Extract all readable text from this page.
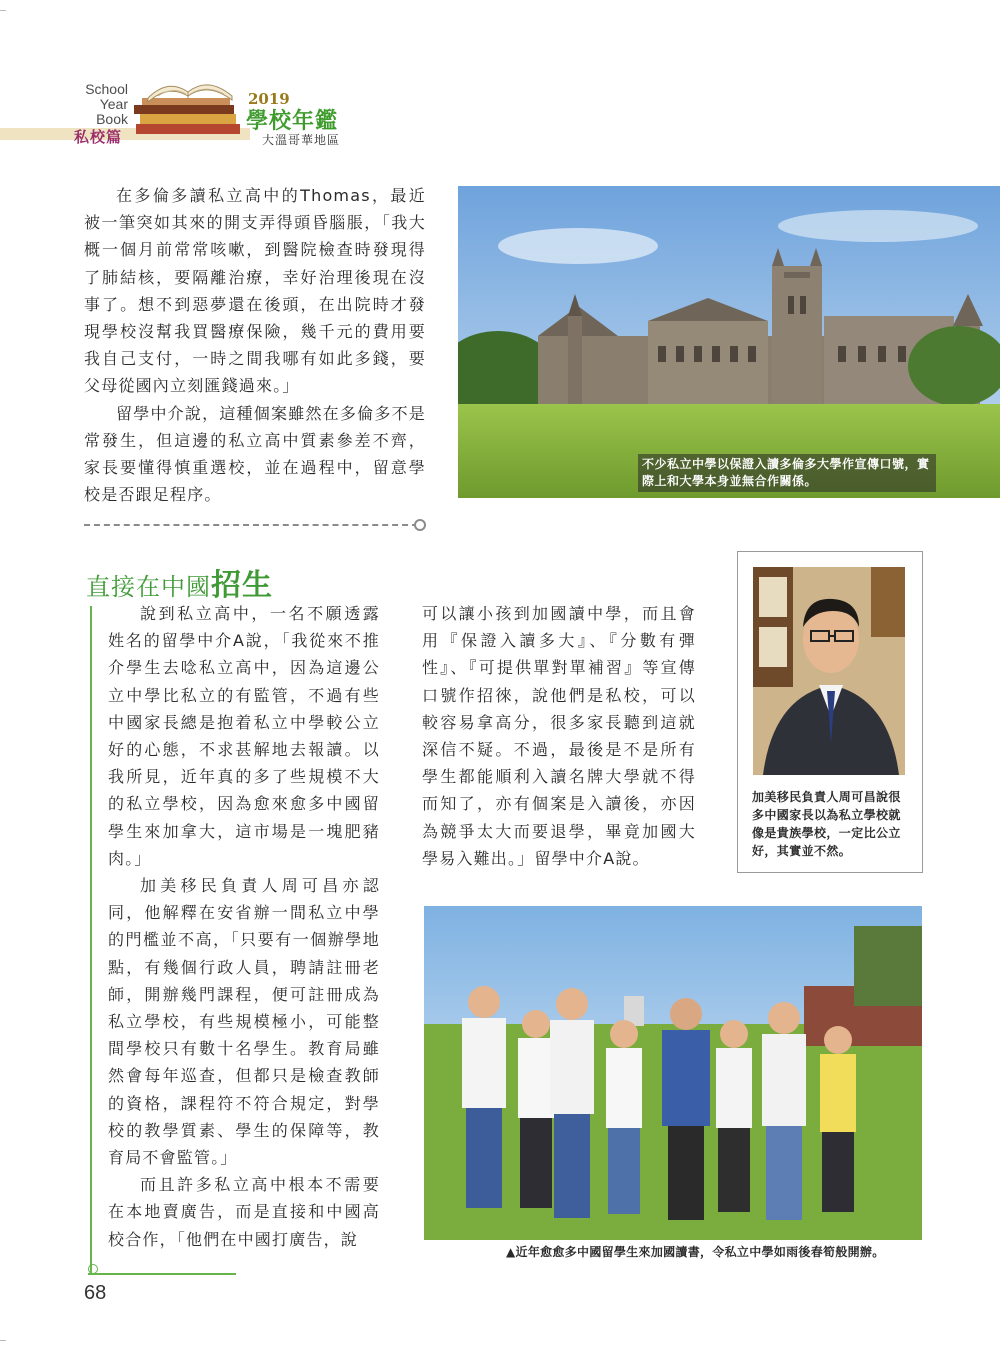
School
Year
Book
私校篇
2019
學校年鑑
大溫哥華地區

在多倫多讀私立高中的Thomas，最近被一筆突如其來的開支弄得頭昏腦脹，「我大概一個月前常常咳嗽，到醫院檢查時發現得了肺結核，要隔離治療，幸好治理後現在沒事了。想不到惡夢還在後頭，在出院時才發現學校沒幫我買醫療保險，幾千元的費用要我自己支付，一時之間我哪有如此多錢，要父母從國內立刻匯錢過來。」

留學中介說，這種個案雖然在多倫多不是常發生，但這邊的私立高中質素參差不齊，家長要懂得慎重選校，並在過程中，留意學校是否跟足程序。

不少私立中學以保證入讀多倫多大學作宣傳口號，實際上和大學本身並無合作關係。
直接在中國招生

說到私立高中，一名不願透露姓名的留學中介A說，「我從來不推介學生去唸私立高中，因為這邊公立中學比私立的有監管，不過有些中國家長總是抱着私立中學較公立好的心態，不求甚解地去報讀。以我所見，近年真的多了些規模不大的私立學校，因為愈來愈多中國留學生來加拿大，這市場是一塊肥豬肉。」

加美移民負責人周可昌亦認同，他解釋在安省辦一間私立中學的門檻並不高，「只要有一個辦學地點，有幾個行政人員，聘請註冊老師，開辦幾門課程，便可註冊成為私立學校，有些規模極小，可能整間學校只有數十名學生。教育局雖然會每年巡查，但都只是檢查教師的資格，課程符不符合規定，對學校的教學質素、學生的保障等，教育局不會監管。」

而且許多私立高中根本不需要在本地賣廣告，而是直接和中國高校合作，「他們在中國打廣告，說

可以讓小孩到加國讀中學，而且會用『保證入讀多大』、『分數有彈性』、『可提供單對單補習』等宣傳口號作招徠，說他們是私校，可以較容易拿高分，很多家長聽到這就深信不疑。不過，最後是不是所有學生都能順利入讀名牌大學就不得而知了，亦有個案是入讀後，亦因為競爭太大而要退學，畢竟加國大學易入難出。」留學中介A說。

加美移民負責人周可昌說很多中國家長以為私立學校就像是貴族學校，一定比公立好，其實並不然。
▲近年愈愈多中國留學生來加國讀書，令私立中學如雨後春筍般開辦。
68
